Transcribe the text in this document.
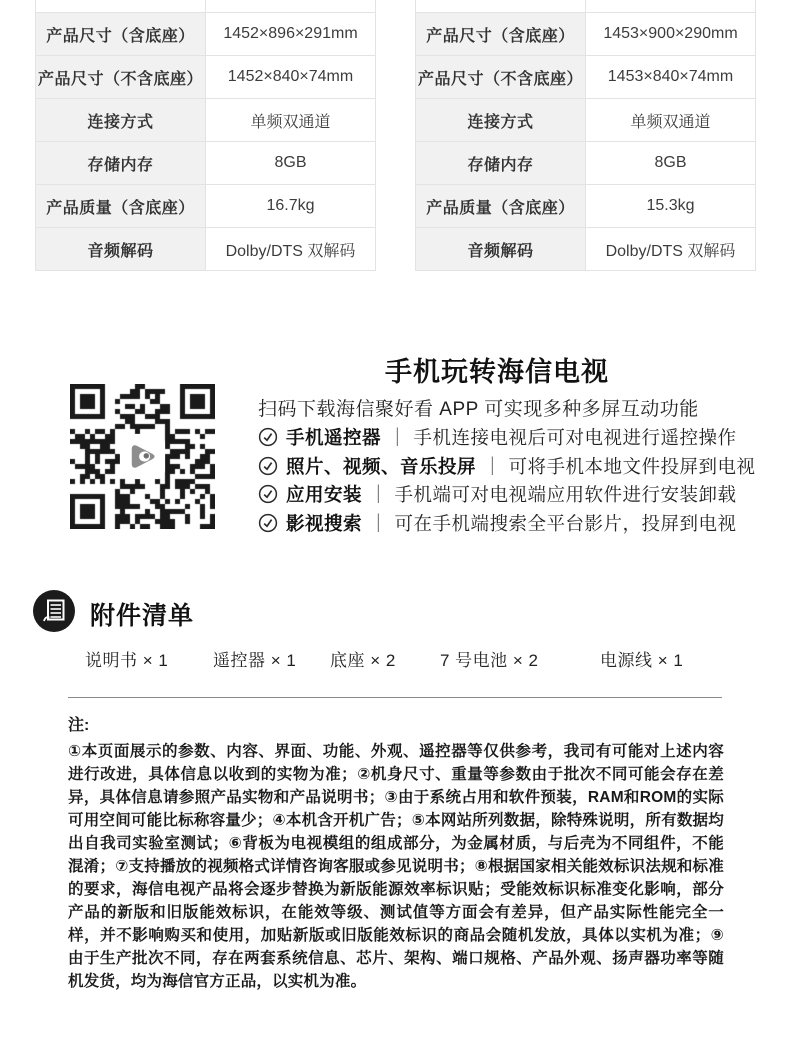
产品尺寸（含底座）	1452×896×291mm
产品尺寸（不含底座）	1452×840×74mm
连接方式	单频双通道
存储内存	8GB
产品质量（含底座）	16.7kg
音频解码	Dolby/DTS 双解码
产品尺寸（含底座）	1453×900×290mm
产品尺寸（不含底座）	1453×840×74mm
连接方式	单频双通道
存储内存	8GB
产品质量（含底座）	15.3kg
音频解码	Dolby/DTS 双解码
手机玩转海信电视
扫码下载海信聚好看 APP 可实现多种多屏互动功能
手机遥控器 ｜ 手机连接电视后可对电视进行遥控操作
照片、视频、音乐投屏 ｜ 可将手机本地文件投屏到电视
应用安装 ｜ 手机端可对电视端应用软件进行安装卸载
影视搜索 ｜ 可在手机端搜索全平台影片，投屏到电视
附件清单
说明书 × 1	遥控器 × 1 底座 × 2	7 号电池 × 2	电源线 × 1
注:

①本页面展示的参数、内容、界面、功能、外观、遥控器等仅供参考，我司有可能对上述内容进行改进，具体信息以收到的实物为准；②机身尺寸、重量等参数由于批次不同可能会存在差异，具体信息请参照产品实物和产品说明书；③由于系统占用和软件预装，RAM和ROM的实际可用空间可能比标称容量少；④本机含开机广告；⑤本网站所列数据，除特殊说明，所有数据均出自我司实验室测试；⑥背板为电视模组的组成部分，为金属材质，与后壳为不同组件，不能混淆；⑦支持播放的视频格式详情咨询客服或参见说明书；⑧根据国家相关能效标识法规和标准的要求，海信电视产品将会逐步替换为新版能源效率标识贴；受能效标识标准变化影响，部分产品的新版和旧版能效标识，在能效等级、测试值等方面会有差异，但产品实际性能完全一样，并不影响购买和使用，加贴新版或旧版能效标识的商品会随机发放，具体以实机为准；⑨由于生产批次不同，存在两套系统信息、芯片、架构、端口规格、产品外观、扬声器功率等随机发货，均为海信官方正品，以实机为准。
